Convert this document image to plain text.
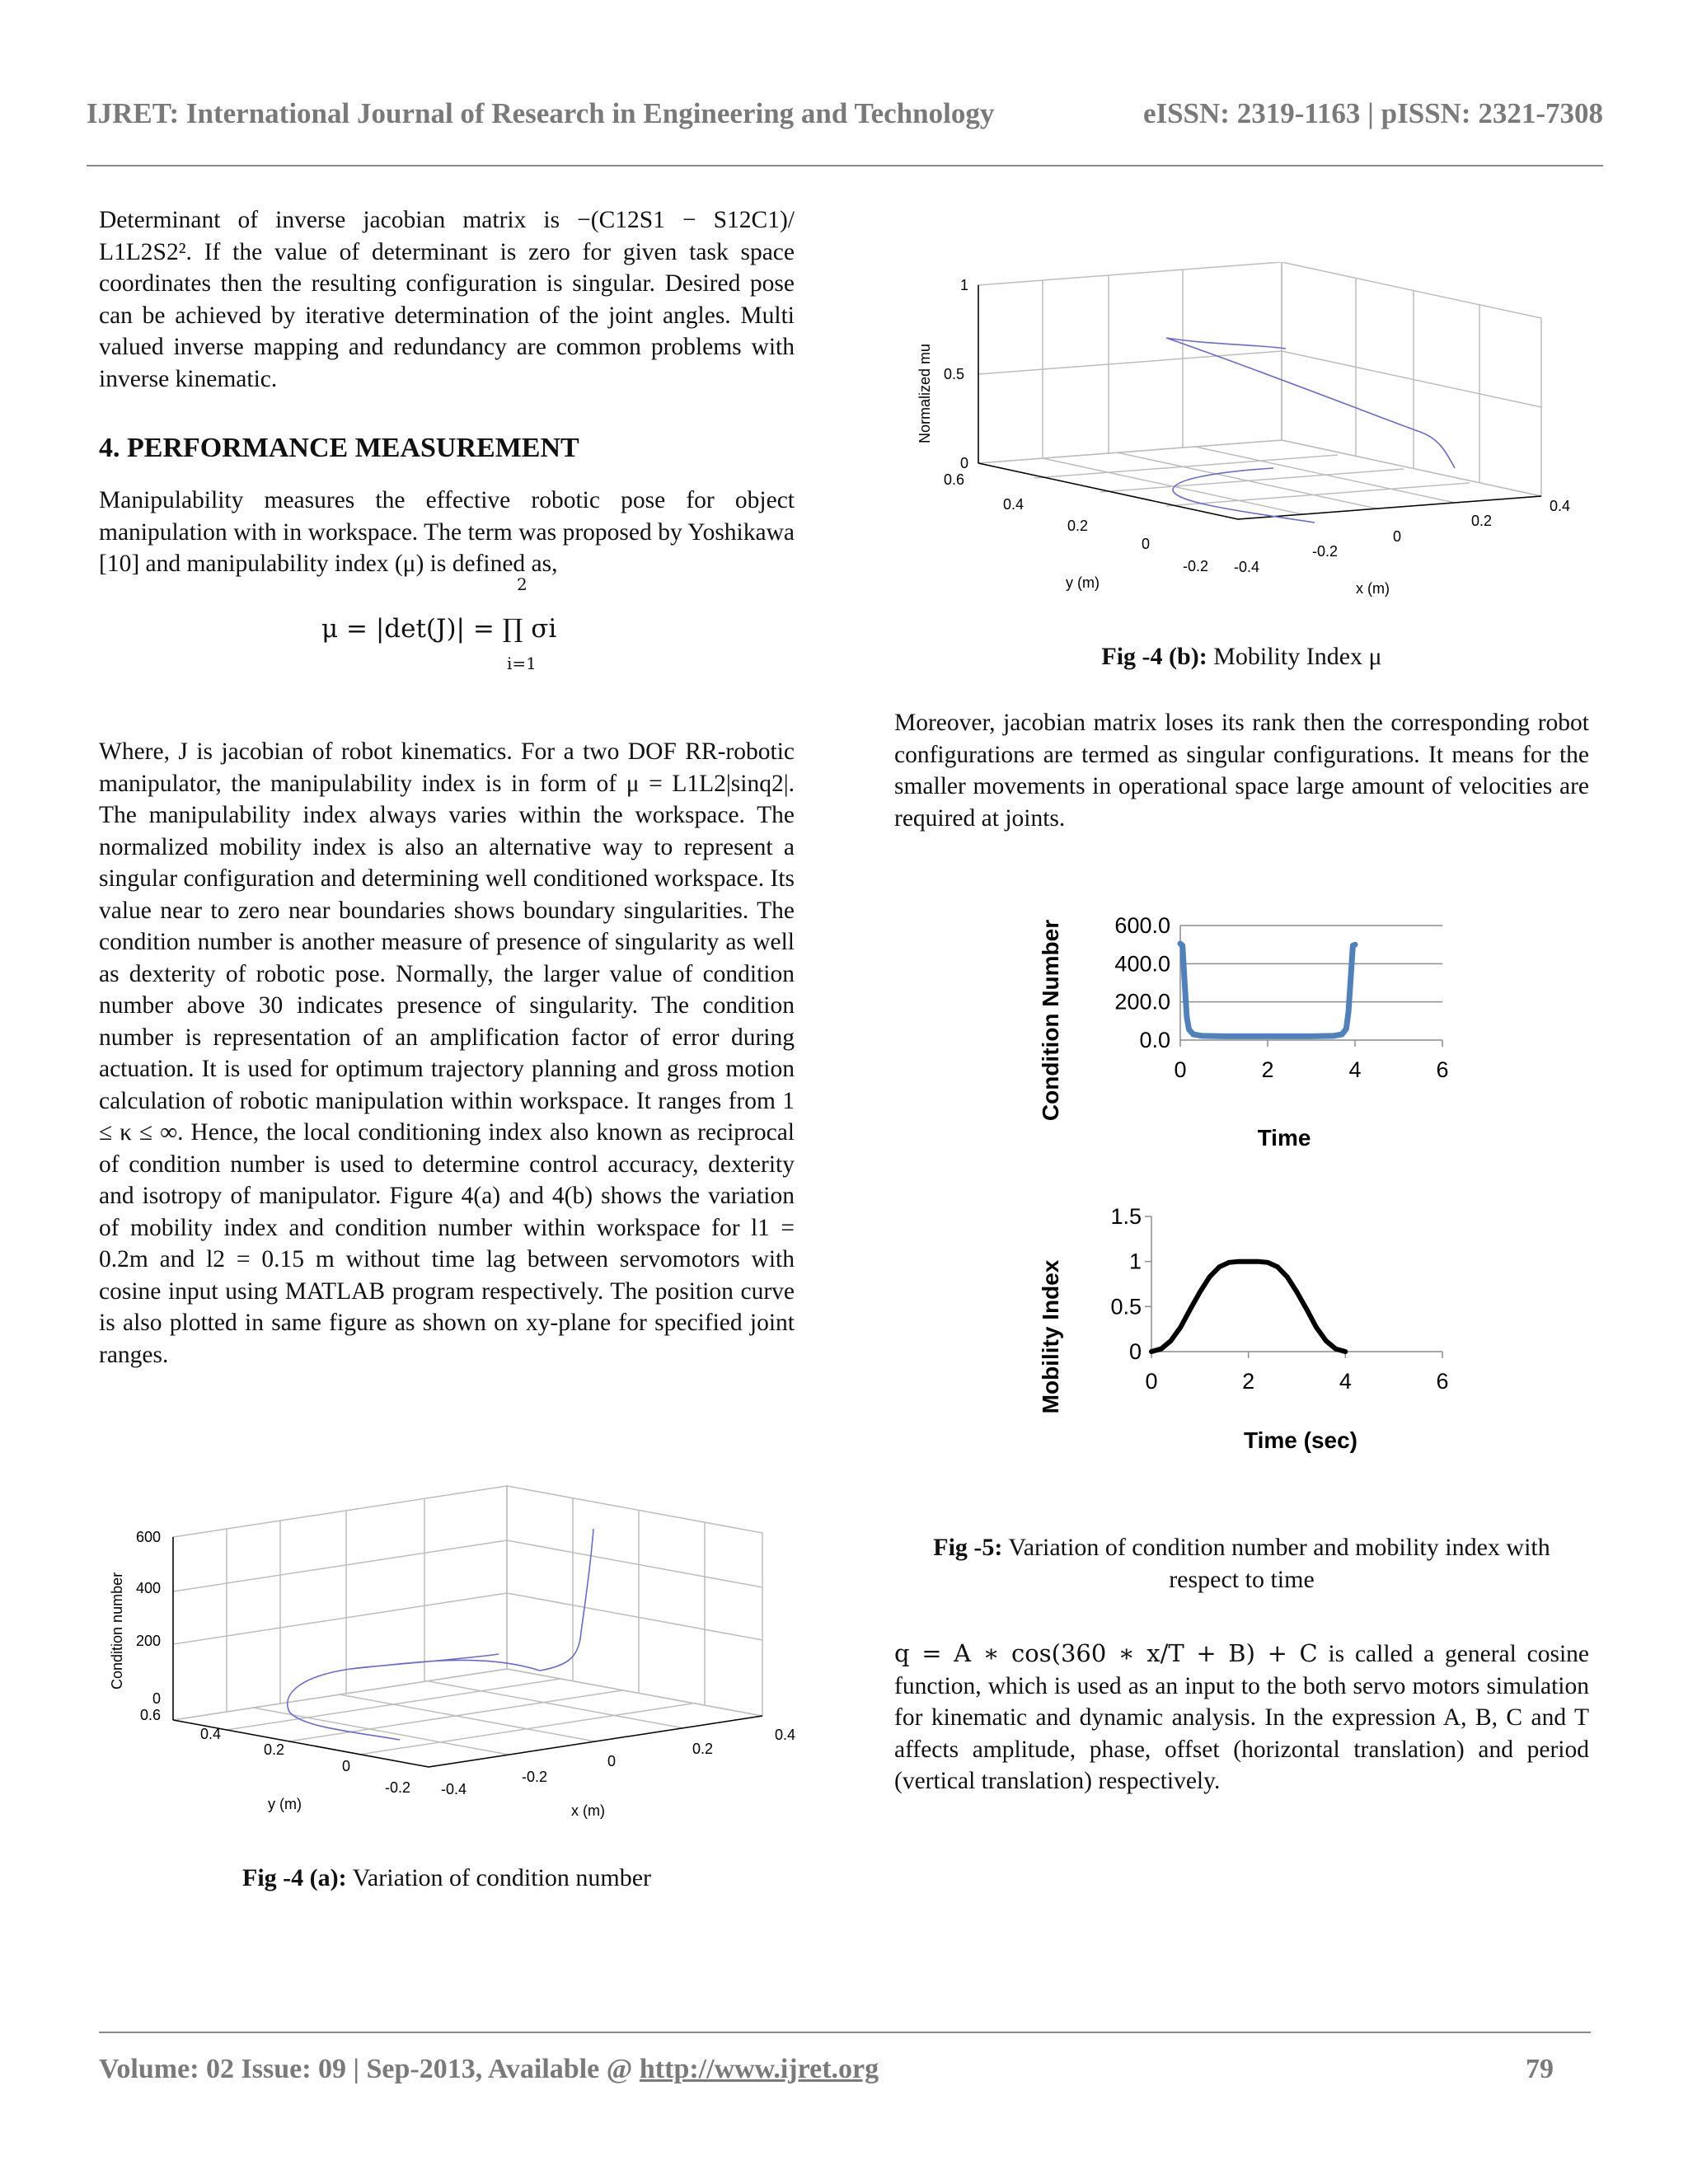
IJRET: International Journal of Research in Engineering and Technology	eISSN: 2319-1163 | pISSN: 2321-7308

Determinant of inverse jacobian matrix is −(C12S1 − S12C1)/ L1L2S2². If the value of determinant is zero for given task space coordinates then the resulting configuration is singular. Desired pose can be achieved by iterative determination of the joint angles. Multi valued inverse mapping and redundancy are common problems with inverse kinematic.

4. PERFORMANCE MEASUREMENT

Manipulability measures the effective robotic pose for object manipulation with in workspace. The term was proposed by Yoshikawa [10] and manipulability index (μ) is defined as,

μ = |det(J)| = ∏ σi
2
i=1

Where, J is jacobian of robot kinematics. For a two DOF RR-robotic manipulator, the manipulability index is in form of μ = L1L2|sinq2|. The manipulability index always varies within the workspace. The normalized mobility index is also an alternative way to represent a singular configuration and determining well conditioned workspace. Its value near to zero near boundaries shows boundary singularities. The condition number is another measure of presence of singularity as well as dexterity of robotic pose. Normally, the larger value of condition number above 30 indicates presence of singularity. The condition number is representation of an amplification factor of error during actuation. It is used for optimum trajectory planning and gross motion calculation of robotic manipulation within workspace. It ranges from 1 ≤ κ ≤ ∞. Hence, the local conditioning index also known as reciprocal of condition number is used to determine control accuracy, dexterity and isotropy of manipulator. Figure 4(a) and 4(b) shows the variation of mobility index and condition number within workspace for l1 = 0.2m and l2 = 0.15 m without time lag between servomotors with cosine input using MATLAB program respectively. The position curve is also plotted in same figure as shown on xy-plane for specified joint ranges.

600
400
200
0
0.6
0.4
0.2
0
-0.2 -0.4
-0.2
0
0.2
0.4
y (m)	x (m)
Condition number
Fig -4 (a): Variation of condition number
1
0.5
0
0.6
0.4
0.2
0
-0.2 -0.4
-0.2
0
0.2
0.4
y (m)	x (m)
Normalized mu
Fig -4 (b): Mobility Index μ

Moreover, jacobian matrix loses its rank then the corresponding robot configurations are termed as singular configurations. It means for the smaller movements in operational space large amount of velocities are required at joints.

0.0
200.0
400.0
600.0
0	2	4	6
Time
Condition Number
0
0.5
1
1.5
0	2	4	6
Time (sec)
Mobility Index
Fig -5: Variation of condition number and mobility index with respect to time

q = A ∗ cos(360 ∗ x/T + B) + C is called a general cosine function, which is used as an input to the both servo motors simulation for kinematic and dynamic analysis. In the expression A, B, C and T affects amplitude, phase, offset (horizontal translation) and period (vertical translation) respectively.

Volume: 02 Issue: 09 | Sep-2013, Available @ http://www.ijret.org	79
